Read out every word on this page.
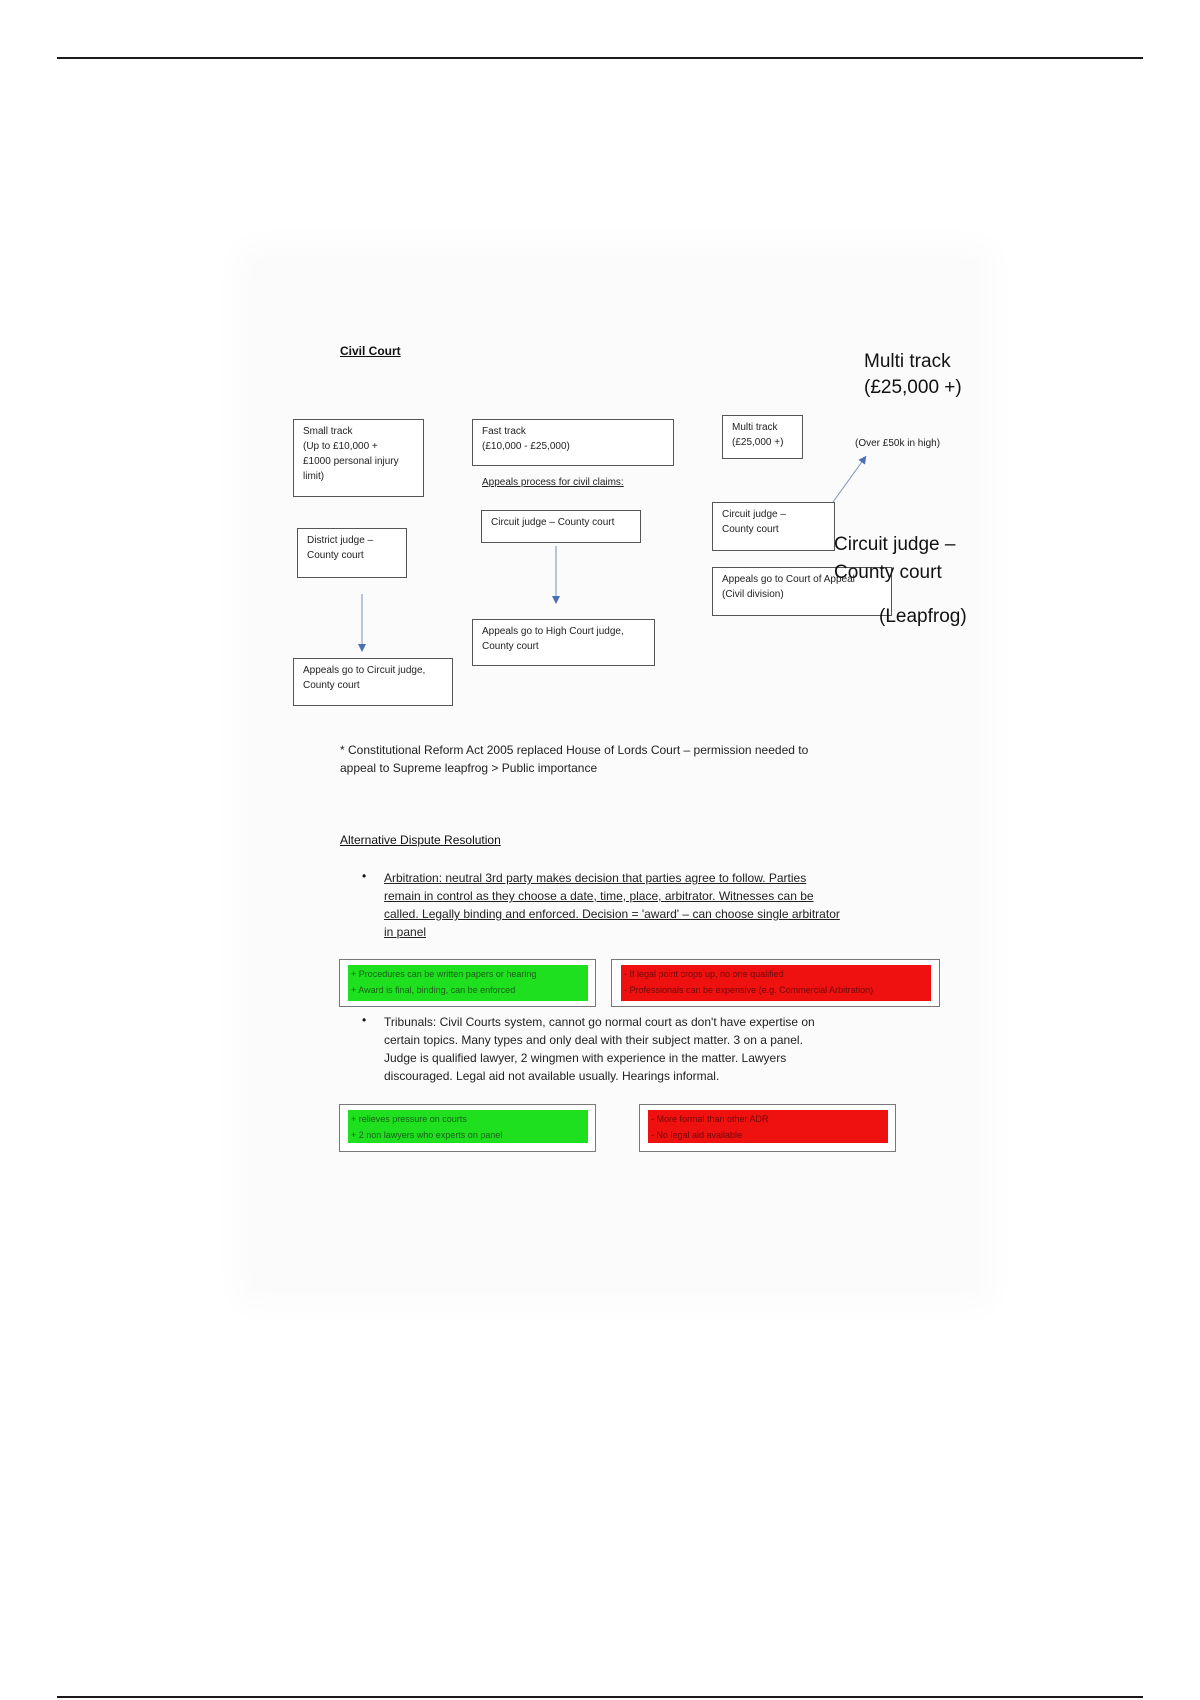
Civil Court	Multi track
(£25,000 +)
Small track
(Up to £10,000 +
£1000 personal injury
limit)
Fast track
(£10,000 - £25,000)
Multi track
(£25,000 +)	(Over £50k in high)
Appeals process for civil claims:
District judge –
County court
Circuit judge – County court
Circuit judge –
County court
Appeals go to Court of Appeal
(Civil division)
Circuit judge –
County court
(Leapfrog)
Appeals go to High Court judge,
County court
Appeals go to Circuit judge,
County court
* Constitutional Reform Act 2005 replaced House of Lords Court – permission needed to
appeal to Supreme leapfrog > Public importance
Alternative Dispute Resolution
• Arbitration: neutral 3rd party makes decision that parties agree to follow. Parties
remain in control as they choose a date, time, place, arbitrator. Witnesses can be
called. Legally binding and enforced. Decision = 'award' – can choose single arbitrator
in panel
+ Procedures can be written papers or hearing
+ Award is final, binding, can be enforced
- If legal point crops up, no one qualified
- Professionals can be expensive (e.g. Commercial Arbitration)
• Tribunals: Civil Courts system, cannot go normal court as don't have expertise on
certain topics. Many types and only deal with their subject matter. 3 on a panel.
Judge is qualified lawyer, 2 wingmen with experience in the matter. Lawyers
discouraged. Legal aid not available usually. Hearings informal.
+ relieves pressure on courts
+ 2 non lawyers who experts on panel
- More formal than other ADR
- No legal aid available
